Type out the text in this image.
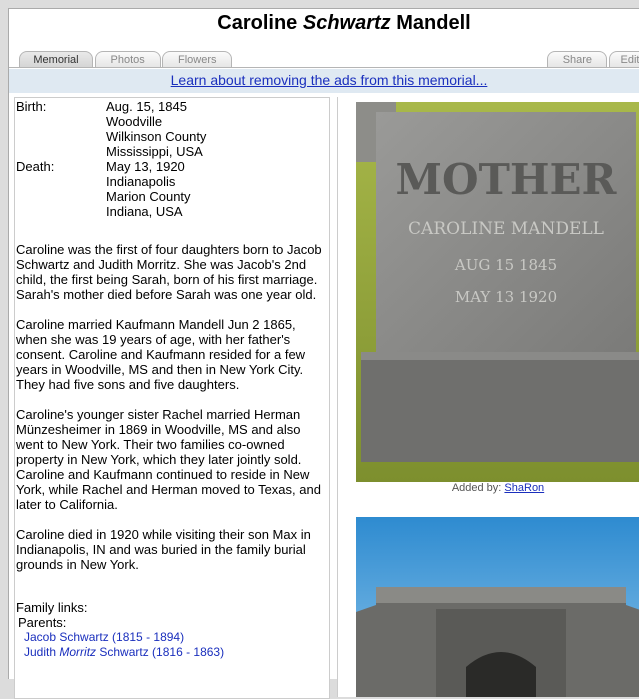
Caroline Schwartz Mandell
Memorial	Photos	Flowers	Share	Edit
Learn about removing the ads from this memorial...
Birth:	Aug. 15, 1845
Woodville
Wilkinson County
Mississippi, USA
Death:	May 13, 1920
Indianapolis
Marion County
Indiana, USA

Caroline was the first of four daughters born to Jacob Schwartz and Judith Morritz. She was Jacob's 2nd child, the first being Sarah, born of his first marriage. Sarah's mother died before Sarah was one year old.

Caroline married Kaufmann Mandell Jun 2 1865, when she was 19 years of age, with her father's consent. Caroline and Kaufmann resided for a few years in Woodville, MS and then in New York City. They had five sons and five daughters.

Caroline's younger sister Rachel married Herman Münzesheimer in 1869 in Woodville, MS and also went to New York. Their two families co-owned property in New York, which they later jointly sold. Caroline and Kaufmann continued to reside in New York, while Rachel and Herman moved to Texas, and later to California.

Caroline died in 1920 while visiting their son Max in Indianapolis, IN and was buried in the family burial grounds in New York.

Family links:
Parents:
Jacob Schwartz (1815 - 1894)
Judith Morritz Schwartz (1816 - 1863)
MOTHER
CAROLINE MANDELL
AUG 15 1845
MAY 13 1920
Added by: ShaRon
